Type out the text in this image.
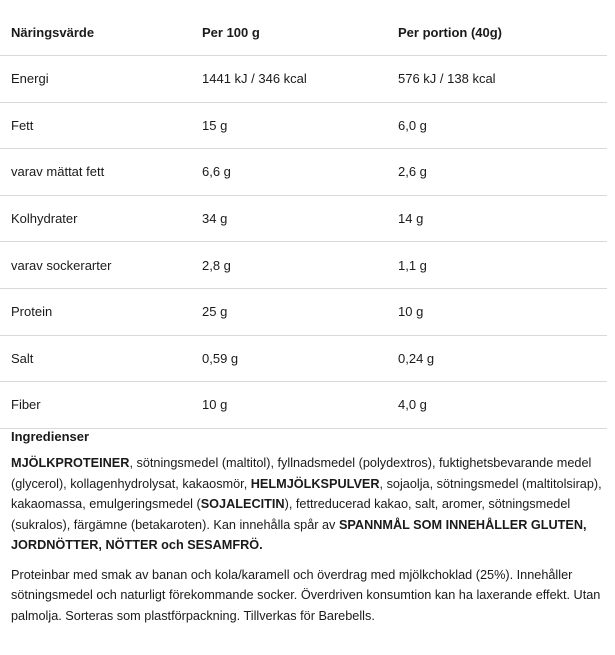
Näringsvärde	Per 100 g	Per portion (40g)
Energi	1441 kJ / 346 kcal	576 kJ / 138 kcal
Fett	15 g	6,0 g
varav mättat fett	6,6 g	2,6 g
Kolhydrater	34 g	14 g
varav sockerarter	2,8 g	1,1 g
Protein	25 g	10 g
Salt	0,59 g	0,24 g
Fiber	10 g	4,0 g

Ingredienser

MJÖLKPROTEINER, sötningsmedel (maltitol), fyllnadsmedel (polydextros), fuktighetsbevarande medel (glycerol), kollagenhydrolysat, kakaosmör, HELMJÖLKSPULVER, sojaolja, sötningsmedel (maltitolsirap), kakaomassa, emulgeringsmedel (SOJALECITIN), fettreducerad kakao, salt, aromer, sötningsmedel (sukralos), färgämne (betakaroten). Kan innehålla spår av SPANNMÅL SOM INNEHÅLLER GLUTEN, JORDNÖTTER, NÖTTER och SESAMFRÖ.

Proteinbar med smak av banan och kola/karamell och överdrag med mjölkchoklad (25%). Innehåller sötningsmedel och naturligt förekommande socker. Överdriven konsumtion kan ha laxerande effekt. Utan palmolja. Sorteras som plastförpackning. Tillverkas för Barebells.
